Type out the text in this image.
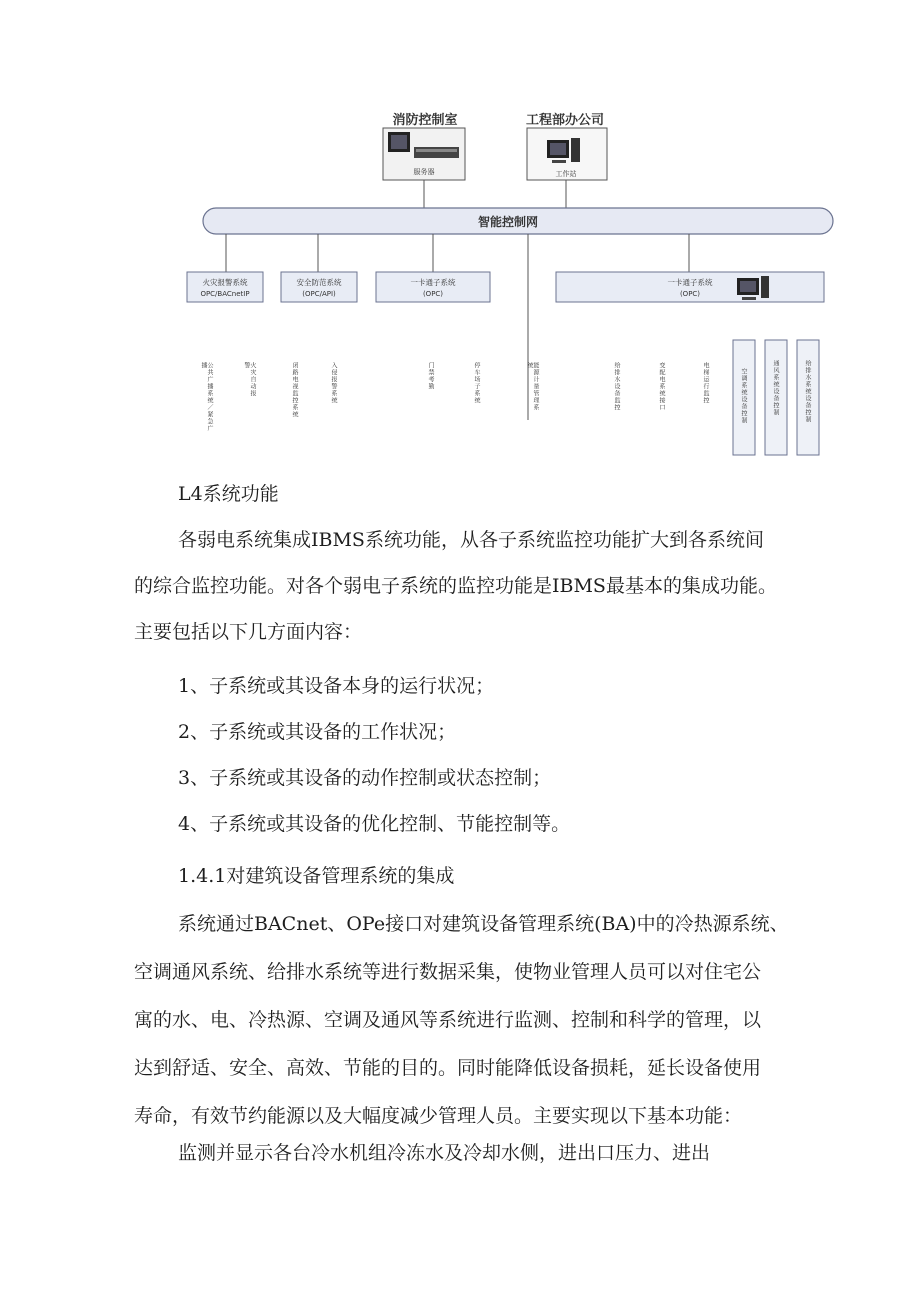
消防控制室
服务器
工程部办公司
工作站
智能控制网
火灾报警系统
OPC/BACnetIP
安全防范系统
(OPC/API)
一卡通子系统
(OPC)
一卡通子系统
(OPC)
公共广播系统／紧急广播	火灾自动报警	闭路电视监控系统	入侵报警系统	门禁考勤	停车场子系统	能源计量管理系统	给排水设备监控	变配电系统接口	电梯运行监控	空调系统设备控制	通风系统设备控制	给排水系统设备控制
L4系统功能
各弱电系统集成IBMS系统功能，从各子系统监控功能扩大到各系统间
的综合监控功能。对各个弱电子系统的监控功能是IBMS最基本的集成功能。
主要包括以下几方面内容：
1、子系统或其设备本身的运行状况；
2、子系统或其设备的工作状况；
3、子系统或其设备的动作控制或状态控制；
4、子系统或其设备的优化控制、节能控制等。
1.4.1对建筑设备管理系统的集成
系统通过BACnet、OPe接口对建筑设备管理系统(BA)中的冷热源系统、
空调通风系统、给排水系统等进行数据采集，使物业管理人员可以对住宅公
寓的水、电、冷热源、空调及通风等系统进行监测、控制和科学的管理，以
达到舒适、安全、高效、节能的目的。同时能降低设备损耗，延长设备使用
寿命，有效节约能源以及大幅度减少管理人员。主要实现以下基本功能：
监测并显示各台冷水机组冷冻水及冷却水侧，进出口压力、进出
